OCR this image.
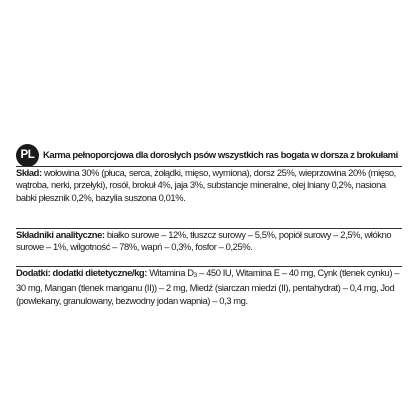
PL Karma pełnoporcjowa dla dorosłych psów wszystkich ras bogata w dorsza z brokułami

Skład: wołowina 30% (płuca, serca, żołądki, mięso, wymiona), dorsz 25%, wieprzowina 20% (mięso, wątroba, nerki, przełyki), rosół, brokuł 4%, jaja 3%, substancje mineralne, olej lniany 0,2%, nasiona babki płesznik 0,2%, bazylia suszona 0,01%.

Składniki analityczne: białko surowe – 12%, tłuszcz surowy – 5,5%, popiół surowy – 2,5%, włókno surowe – 1%, wilgotność – 78%, wapń – 0,3%, fosfor – 0,25%.

Dodatki: dodatki dietetyczne/kg: Witamina $D_3 - 450$ IU, Witamina E – 40 mg, Cynk (tlenek cynku) – 30 mg, Mangan (tlenek manganu (II)) – 2 mg, Miedź (siarczan miedzi (II), pentahydrat) – 0,4 mg, Jod (powlekany, granulowany, bezwodny jodan wapnia) – 0,3 mg.
